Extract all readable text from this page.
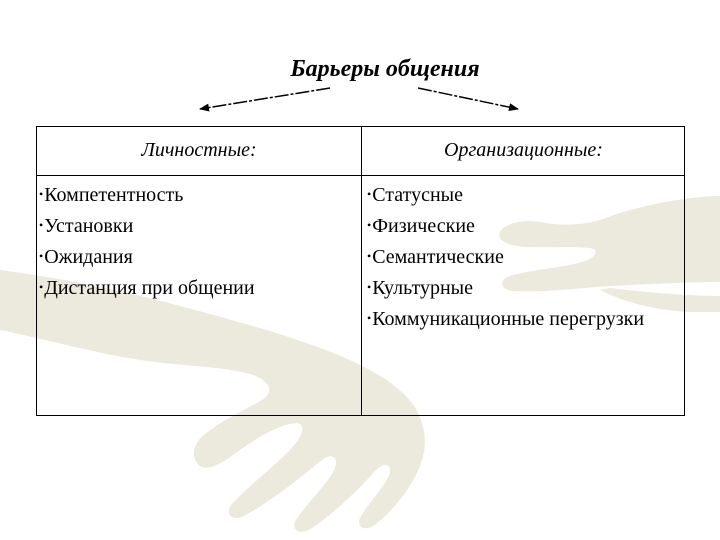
Барьеры общения
Личностные:	Организационные:
•Компетентность
•Установки
•Ожидания
•Дистанция при общении
•Статусные
•Физические
•Семантические
•Культурные
•Коммуникационные перегрузки
